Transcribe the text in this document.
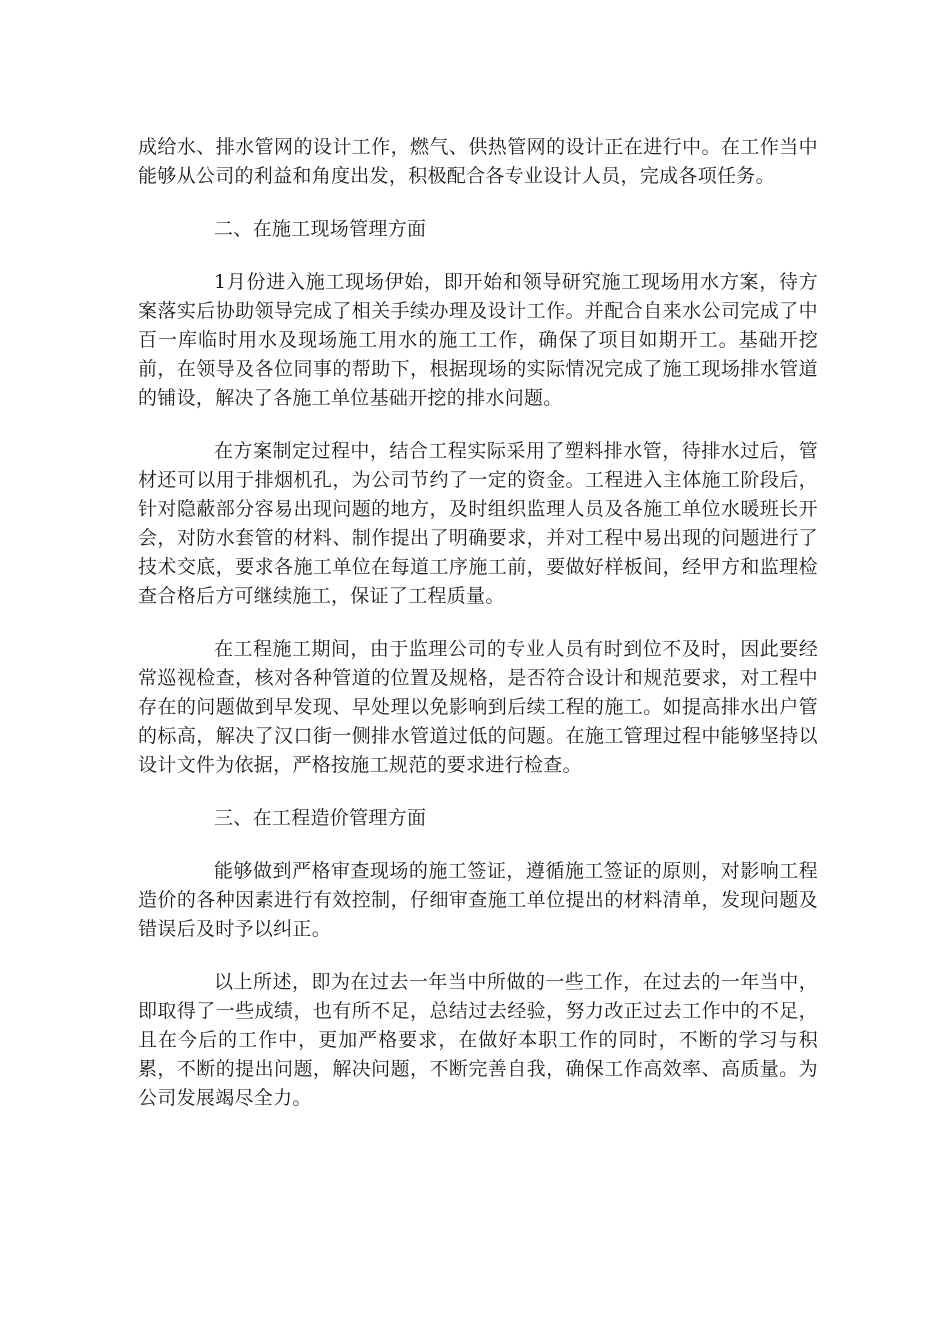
成给水、排水管网的设计工作，燃气、供热管网的设计正在进行中。在工作当中能够从公司的利益和角度出发，积极配合各专业设计人员，完成各项任务。

二、在施工现场管理方面

1月份进入施工现场伊始，即开始和领导研究施工现场用水方案，待方案落实后协助领导完成了相关手续办理及设计工作。并配合自来水公司完成了中百一库临时用水及现场施工用水的施工工作，确保了项目如期开工。基础开挖前，在领导及各位同事的帮助下，根据现场的实际情况完成了施工现场排水管道的铺设，解决了各施工单位基础开挖的排水问题。

在方案制定过程中，结合工程实际采用了塑料排水管，待排水过后，管材还可以用于排烟机孔，为公司节约了一定的资金。工程进入主体施工阶段后，针对隐蔽部分容易出现问题的地方，及时组织监理人员及各施工单位水暖班长开会，对防水套管的材料、制作提出了明确要求，并对工程中易出现的问题进行了技术交底，要求各施工单位在每道工序施工前，要做好样板间，经甲方和监理检查合格后方可继续施工，保证了工程质量。

在工程施工期间，由于监理公司的专业人员有时到位不及时，因此要经常巡视检查，核对各种管道的位置及规格，是否符合设计和规范要求，对工程中存在的问题做到早发现、早处理以免影响到后续工程的施工。如提高排水出户管的标高，解决了汉口街一侧排水管道过低的问题。在施工管理过程中能够坚持以设计文件为依据，严格按施工规范的要求进行检查。

三、在工程造价管理方面

能够做到严格审查现场的施工签证，遵循施工签证的原则，对影响工程造价的各种因素进行有效控制，仔细审查施工单位提出的材料清单，发现问题及错误后及时予以纠正。

以上所述，即为在过去一年当中所做的一些工作，在过去的一年当中，即取得了一些成绩，也有所不足，总结过去经验，努力改正过去工作中的不足，且在今后的工作中，更加严格要求，在做好本职工作的同时，不断的学习与积累，不断的提出问题，解决问题，不断完善自我，确保工作高效率、高质量。为公司发展竭尽全力。
